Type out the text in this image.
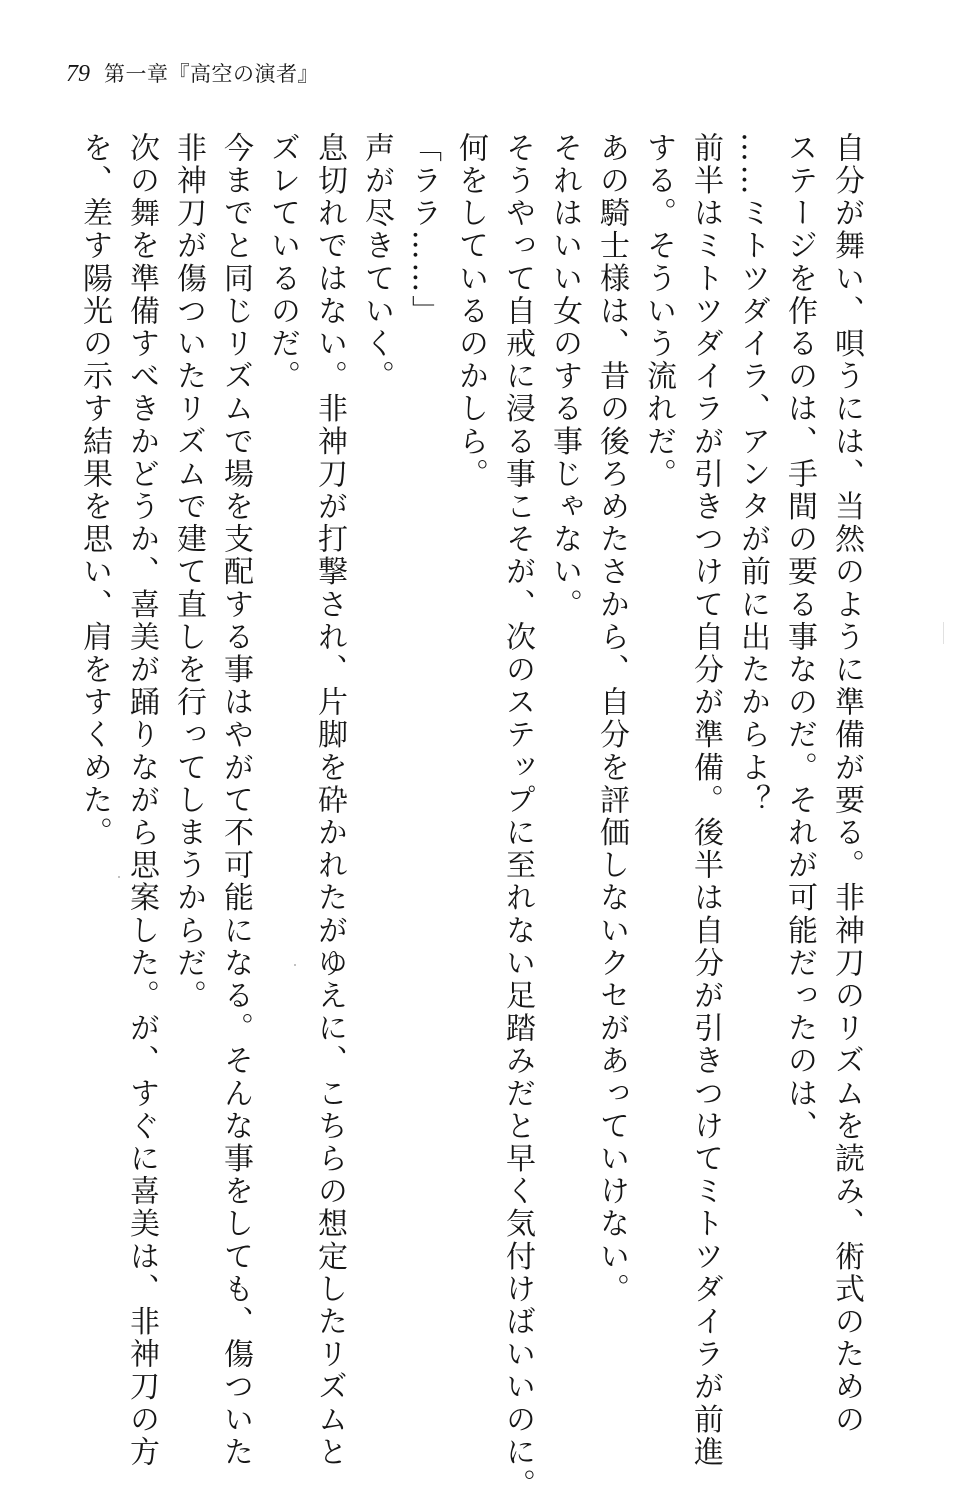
79 第一章『高空の演者』
自分が舞い、唄うには、当然のように準備が要る。非神刀のリズムを読み、術式のための
ステージを作るのは、手間の要る事なのだ。それが可能だったのは、
……ミトツダイラ、アンタが前に出たからよ？
前半はミトツダイラが引きつけて自分が準備。後半は自分が引きつけてミトツダイラが前進
する。そういう流れだ。
あの騎士様は、昔の後ろめたさから、自分を評価しないクセがあっていけない。
それはいい女のする事じゃない。
そうやって自戒に浸る事こそが、次のステップに至れない足踏みだと早く気付けばいいのに。
何をしているのかしら。
「ララ……」
声が尽きていく。
息切れではない。非神刀が打撃され、片脚を砕かれたがゆえに、こちらの想定したリズムと
ズレているのだ。
今までと同じリズムで場を支配する事はやがて不可能になる。そんな事をしても、傷ついた
非神刀が傷ついたリズムで建て直しを行ってしまうからだ。
次の舞を準備すべきかどうか、喜美が踊りながら思案した。が、すぐに喜美は、非神刀の方
を、差す陽光の示す結果を思い、肩をすくめた。
